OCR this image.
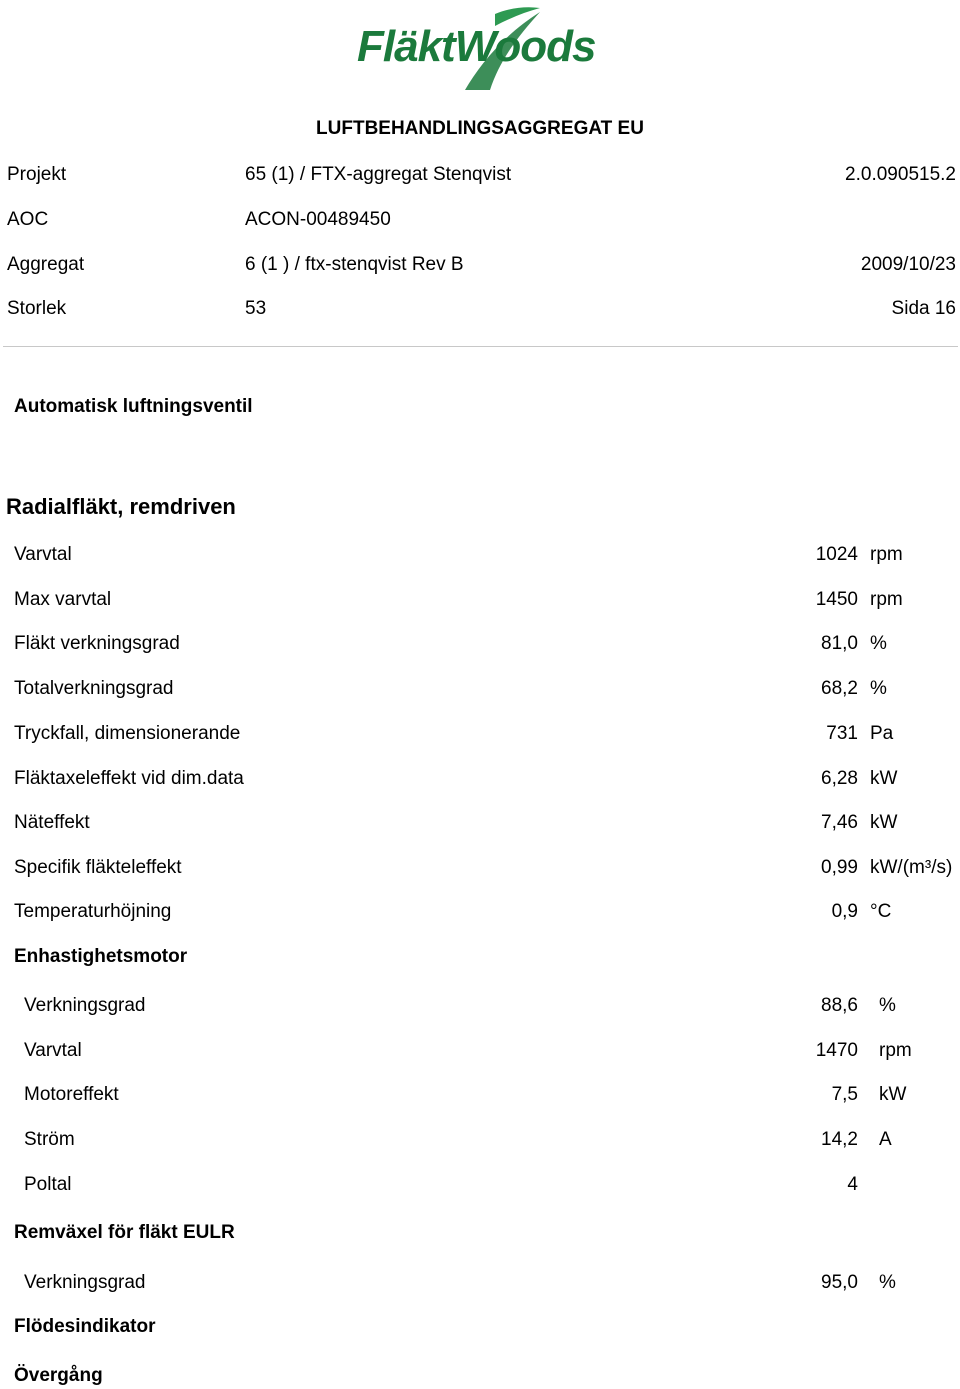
FläktWoods
LUFTBEHANDLINGSAGGREGAT EU
Projekt	65 (1) / FTX-aggregat Stenqvist	2.0.090515.2
AOC	ACON-00489450
Aggregat	6 (1 ) / ftx-stenqvist Rev B	2009/10/23
Storlek	53	Sida 16
Automatisk luftningsventil
Radialfläkt, remdriven
Varvtal	1024 rpm
Max varvtal	1450 rpm
Fläkt verkningsgrad	81,0 %
Totalverkningsgrad	68,2 %
Tryckfall, dimensionerande	731 Pa
Fläktaxeleffekt vid dim.data	6,28 kW
Näteffekt	7,46 kW
Specifik fläkteleffekt	0,99 kW/(m³/s)
Temperaturhöjning	0,9 °C
Enhastighetsmotor
Verkningsgrad	88,6 %
Varvtal	1470 rpm
Motoreffekt	7,5 kW
Ström	14,2 A
Poltal	4
Remväxel för fläkt EULR
Verkningsgrad	95,0 %
Flödesindikator
Övergång
